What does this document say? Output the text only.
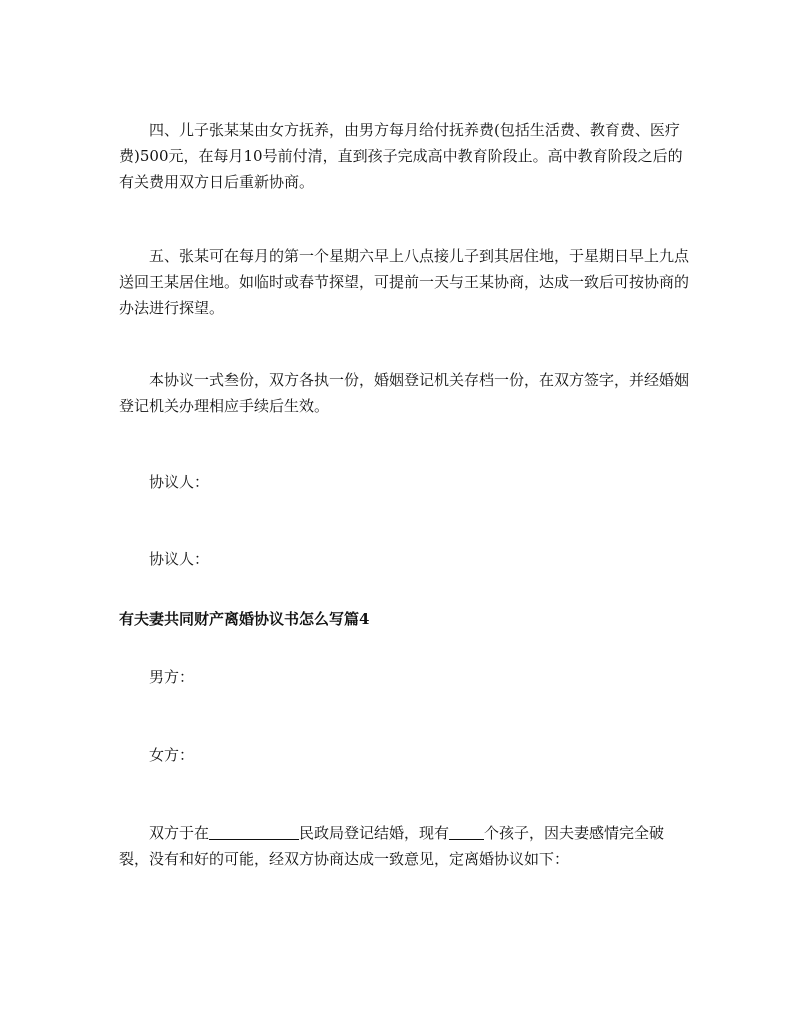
四、儿子张某某由女方抚养，由男方每月给付抚养费(包括生活费、教育费、医疗费)500元，在每月10号前付清，直到孩子完成高中教育阶段止。高中教育阶段之后的有关费用双方日后重新协商。

五、张某可在每月的第一个星期六早上八点接儿子到其居住地，于星期日早上九点送回王某居住地。如临时或春节探望，可提前一天与王某协商，达成一致后可按协商的办法进行探望。

本协议一式叁份，双方各执一份，婚姻登记机关存档一份，在双方签字，并经婚姻登记机关办理相应手续后生效。

协议人：

协议人：

有夫妻共同财产离婚协议书怎么写篇4

男方：

女方：

双方于在	民政局登记结婚，现有 个孩子，因夫妻感情完全破裂，没有和好的可能，经双方协商达成一致意见，定离婚协议如下：
